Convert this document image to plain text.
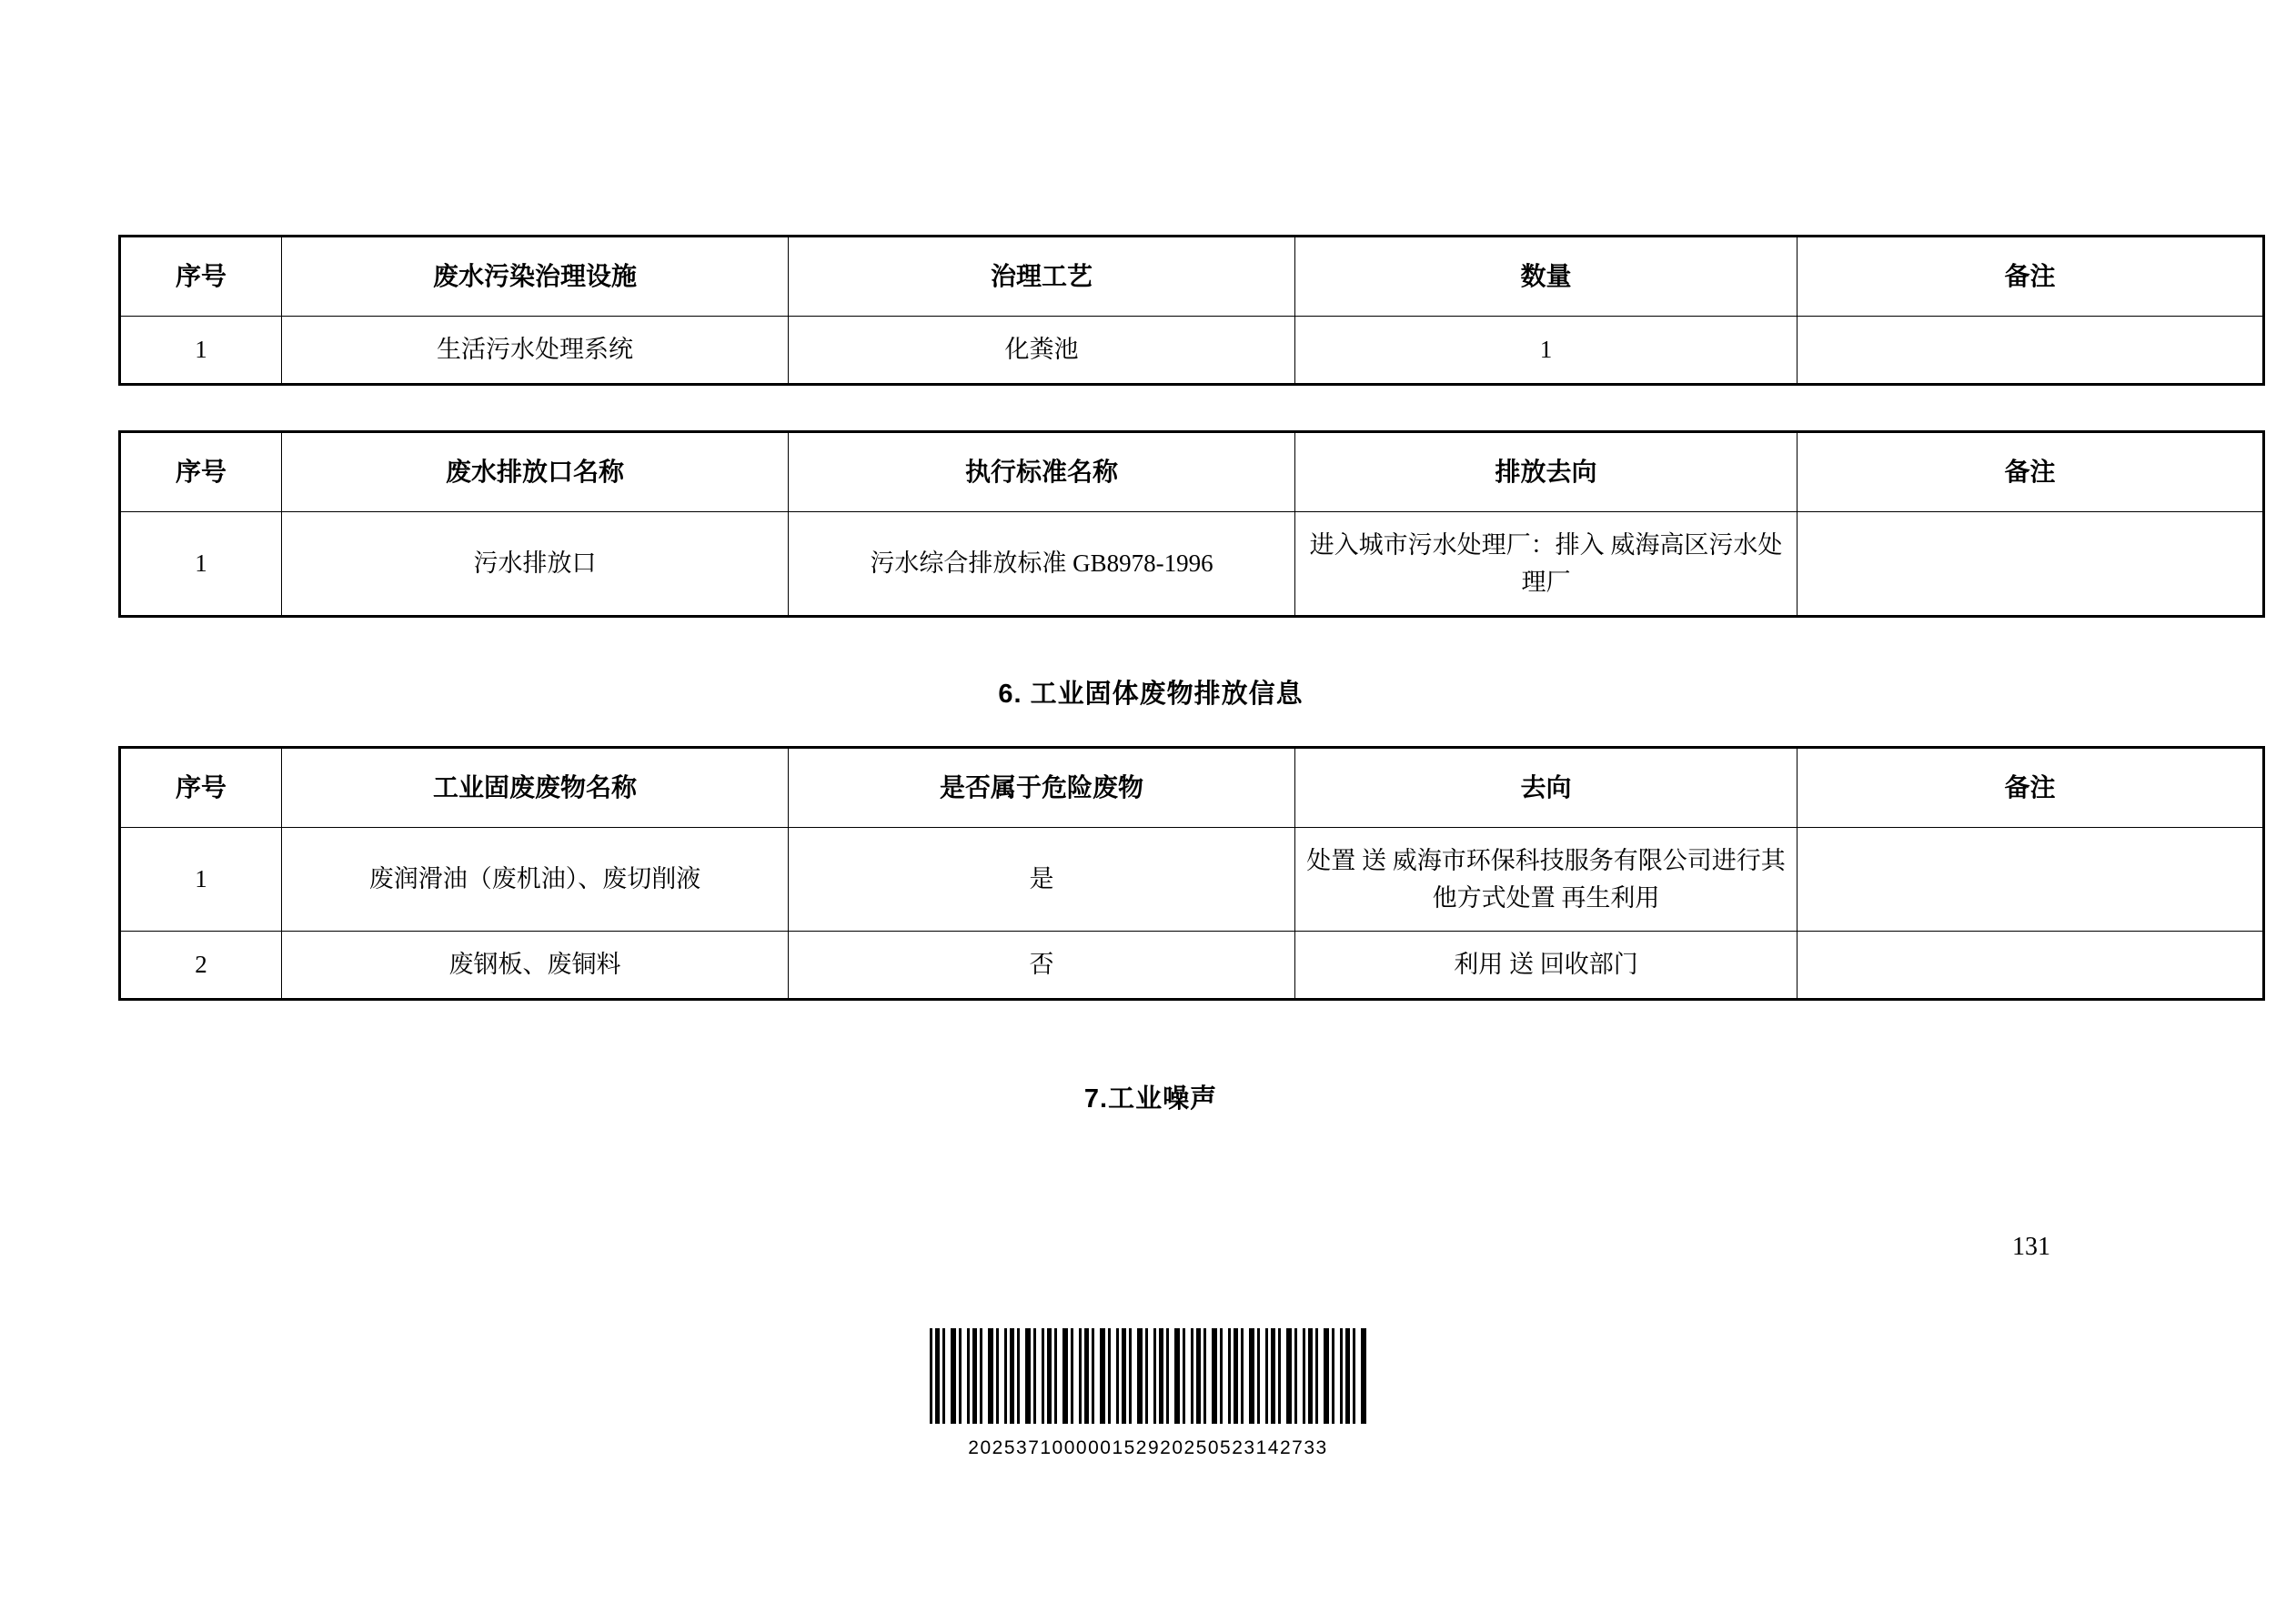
序号	废水污染治理设施	治理工艺	数量	备注
1	生活污水处理系统	化粪池	1	
序号	废水排放口名称	执行标准名称	排放去向	备注
1	污水排放口	污水综合排放标准 GB8978-1996	进入城市污水处理厂：排入 威海高区污水处理厂	
6. 工业固体废物排放信息
序号	工业固废废物名称	是否属于危险废物	去向	备注
1	废润滑油（废机油）、废切削液	是	处置 送 威海市环保科技服务有限公司进行其他方式处置 再生利用	
2	废钢板、废铜料	否	利用 送 回收部门	
7.工业噪声
131
202537100000152920250523142733
